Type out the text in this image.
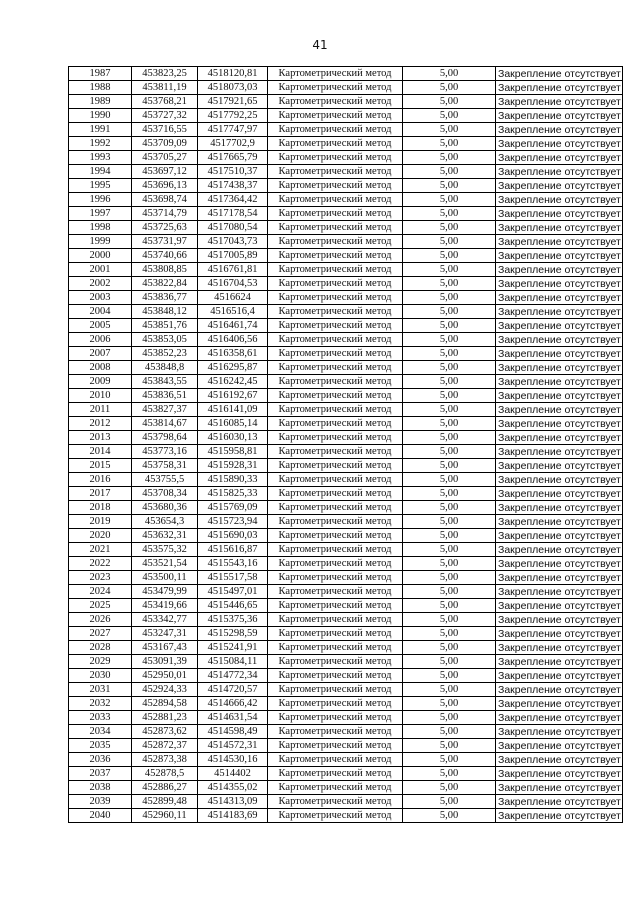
41
1987	453823,25	4518120,81	Картометрический метод	5,00	Закрепление отсутствует
1988	453811,19	4518073,03	Картометрический метод	5,00	Закрепление отсутствует
1989	453768,21	4517921,65	Картометрический метод	5,00	Закрепление отсутствует
1990	453727,32	4517792,25	Картометрический метод	5,00	Закрепление отсутствует
1991	453716,55	4517747,97	Картометрический метод	5,00	Закрепление отсутствует
1992	453709,09	4517702,9	Картометрический метод	5,00	Закрепление отсутствует
1993	453705,27	4517665,79	Картометрический метод	5,00	Закрепление отсутствует
1994	453697,12	4517510,37	Картометрический метод	5,00	Закрепление отсутствует
1995	453696,13	4517438,37	Картометрический метод	5,00	Закрепление отсутствует
1996	453698,74	4517364,42	Картометрический метод	5,00	Закрепление отсутствует
1997	453714,79	4517178,54	Картометрический метод	5,00	Закрепление отсутствует
1998	453725,63	4517080,54	Картометрический метод	5,00	Закрепление отсутствует
1999	453731,97	4517043,73	Картометрический метод	5,00	Закрепление отсутствует
2000	453740,66	4517005,89	Картометрический метод	5,00	Закрепление отсутствует
2001	453808,85	4516761,81	Картометрический метод	5,00	Закрепление отсутствует
2002	453822,84	4516704,53	Картометрический метод	5,00	Закрепление отсутствует
2003	453836,77	4516624	Картометрический метод	5,00	Закрепление отсутствует
2004	453848,12	4516516,4	Картометрический метод	5,00	Закрепление отсутствует
2005	453851,76	4516461,74	Картометрический метод	5,00	Закрепление отсутствует
2006	453853,05	4516406,56	Картометрический метод	5,00	Закрепление отсутствует
2007	453852,23	4516358,61	Картометрический метод	5,00	Закрепление отсутствует
2008	453848,8	4516295,87	Картометрический метод	5,00	Закрепление отсутствует
2009	453843,55	4516242,45	Картометрический метод	5,00	Закрепление отсутствует
2010	453836,51	4516192,67	Картометрический метод	5,00	Закрепление отсутствует
2011	453827,37	4516141,09	Картометрический метод	5,00	Закрепление отсутствует
2012	453814,67	4516085,14	Картометрический метод	5,00	Закрепление отсутствует
2013	453798,64	4516030,13	Картометрический метод	5,00	Закрепление отсутствует
2014	453773,16	4515958,81	Картометрический метод	5,00	Закрепление отсутствует
2015	453758,31	4515928,31	Картометрический метод	5,00	Закрепление отсутствует
2016	453755,5	4515890,33	Картометрический метод	5,00	Закрепление отсутствует
2017	453708,34	4515825,33	Картометрический метод	5,00	Закрепление отсутствует
2018	453680,36	4515769,09	Картометрический метод	5,00	Закрепление отсутствует
2019	453654,3	4515723,94	Картометрический метод	5,00	Закрепление отсутствует
2020	453632,31	4515690,03	Картометрический метод	5,00	Закрепление отсутствует
2021	453575,32	4515616,87	Картометрический метод	5,00	Закрепление отсутствует
2022	453521,54	4515543,16	Картометрический метод	5,00	Закрепление отсутствует
2023	453500,11	4515517,58	Картометрический метод	5,00	Закрепление отсутствует
2024	453479,99	4515497,01	Картометрический метод	5,00	Закрепление отсутствует
2025	453419,66	4515446,65	Картометрический метод	5,00	Закрепление отсутствует
2026	453342,77	4515375,36	Картометрический метод	5,00	Закрепление отсутствует
2027	453247,31	4515298,59	Картометрический метод	5,00	Закрепление отсутствует
2028	453167,43	4515241,91	Картометрический метод	5,00	Закрепление отсутствует
2029	453091,39	4515084,11	Картометрический метод	5,00	Закрепление отсутствует
2030	452950,01	4514772,34	Картометрический метод	5,00	Закрепление отсутствует
2031	452924,33	4514720,57	Картометрический метод	5,00	Закрепление отсутствует
2032	452894,58	4514666,42	Картометрический метод	5,00	Закрепление отсутствует
2033	452881,23	4514631,54	Картометрический метод	5,00	Закрепление отсутствует
2034	452873,62	4514598,49	Картометрический метод	5,00	Закрепление отсутствует
2035	452872,37	4514572,31	Картометрический метод	5,00	Закрепление отсутствует
2036	452873,38	4514530,16	Картометрический метод	5,00	Закрепление отсутствует
2037	452878,5	4514402	Картометрический метод	5,00	Закрепление отсутствует
2038	452886,27	4514355,02	Картометрический метод	5,00	Закрепление отсутствует
2039	452899,48	4514313,09	Картометрический метод	5,00	Закрепление отсутствует
2040	452960,11	4514183,69	Картометрический метод	5,00	Закрепление отсутствует
